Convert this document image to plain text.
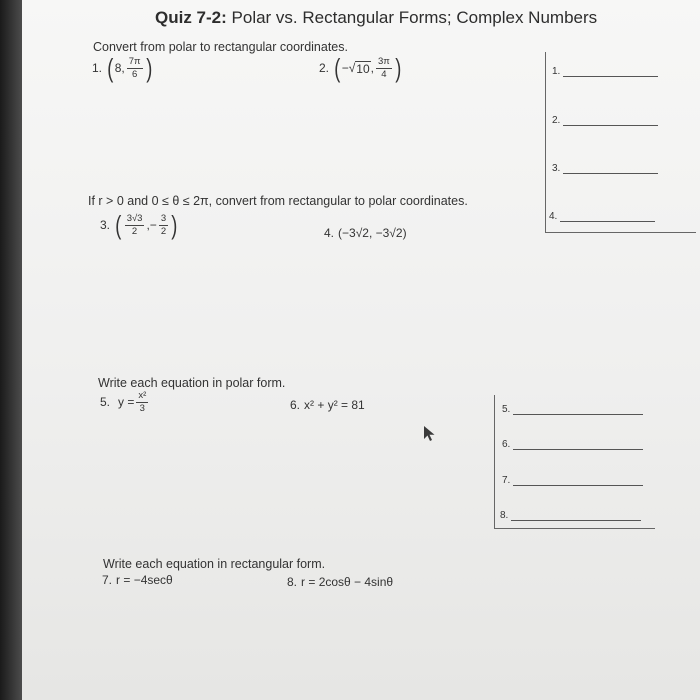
Quiz 7-2: Polar vs. Rectangular Forms; Complex Numbers
Convert from polar to rectangular coordinates.
1. ( 8, $\frac{7\pi}{6}$ )	2. ( − √ 10 , $\frac{3\pi}{4}$ )	1.
2.
3.
4.
If r > 0 and 0 ≤ θ ≤ 2π, convert from rectangular to polar coordinates.
3. ( $\frac{3√3}{2}$ ,− $\frac{3}{2}$ )	4. (−3√2, −3√2)
Write each equation in polar form.
5. $y = \frac{\text{x²}}{3}$	6. x² + y² = 81	5.
6.
7.
8.
Write each equation in rectangular form.
7. r = −4secθ	8. r = 2cosθ − 4sinθ
